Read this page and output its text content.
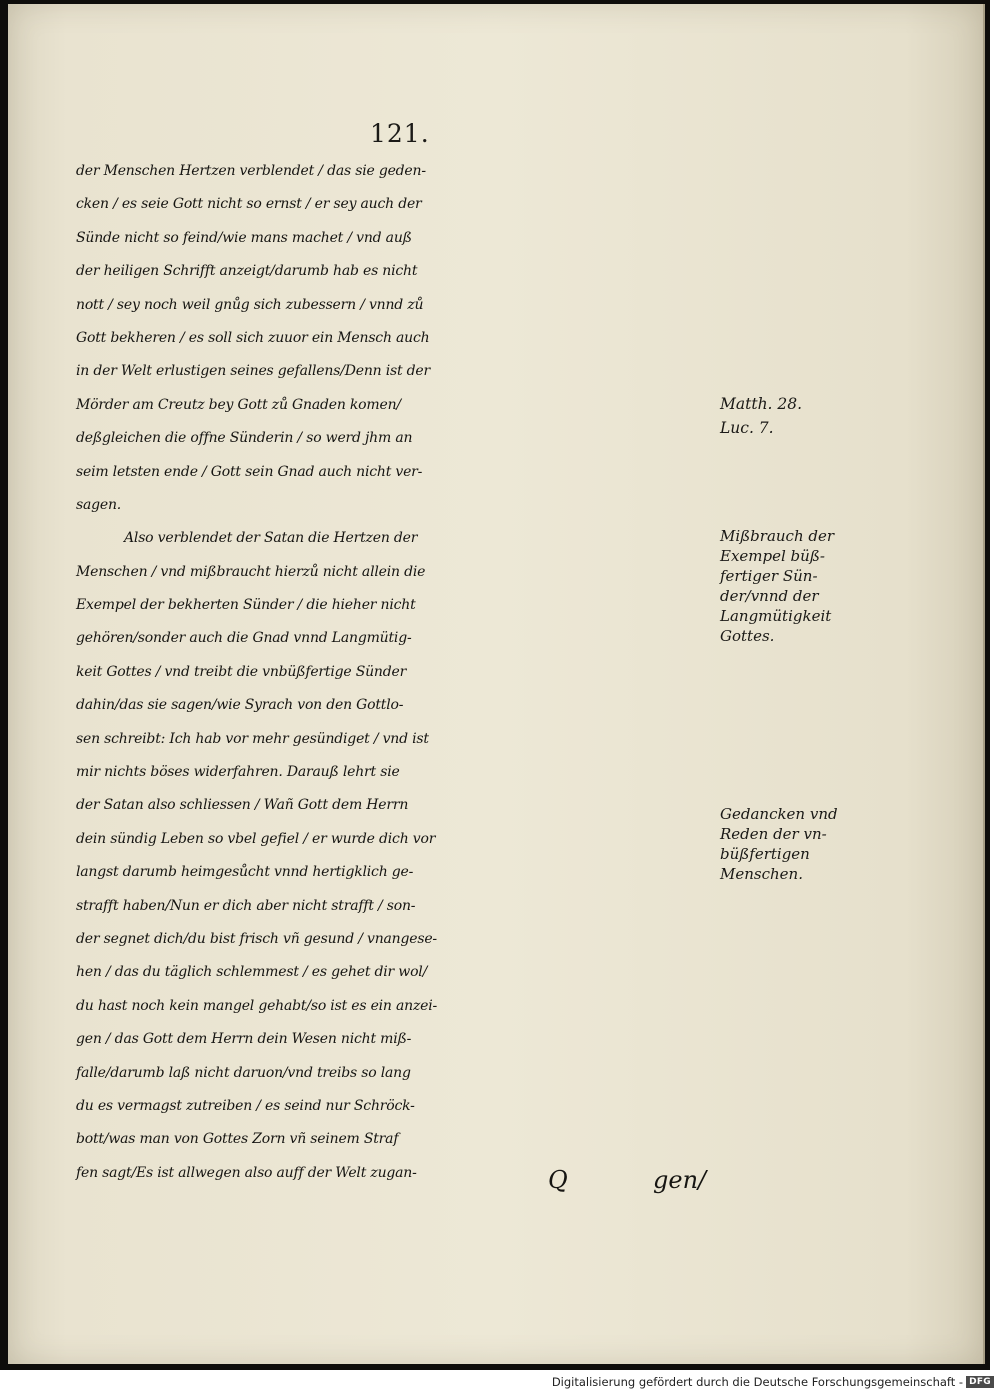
121.
der Menschen Hertzen verblendet / das sie geden-
cken / es seie Gott nicht so ernst / er sey auch der
Sünde nicht so feind/wie mans machet / vnd auß
der heiligen Schrifft anzeigt/darumb hab es nicht
nott / sey noch weil gnůg sich zubessern / vnnd zů
Gott bekheren / es soll sich zuuor ein Mensch auch
in der Welt erlustigen seines gefallens/Denn ist der
Mörder am Creutz bey Gott zů Gnaden komen/
deßgleichen die offne Sünderin / so werd jhm an
seim letsten ende / Gott sein Gnad auch nicht ver-
sagen.
Also verblendet der Satan die Hertzen der
Menschen / vnd mißbraucht hierzů nicht allein die
Exempel der bekherten Sünder / die hieher nicht
gehören/sonder auch die Gnad vnnd Langmütig-
keit Gottes / vnd treibt die vnbüßfertige Sünder
dahin/das sie sagen/wie Syrach von den Gottlo-
sen schreibt: Ich hab vor mehr gesündiget / vnd ist
mir nichts böses widerfahren. Darauß lehrt sie
der Satan also schliessen / Wañ Gott dem Herrn
dein sündig Leben so vbel gefiel / er wurde dich vor
langst darumb heimgesůcht vnnd hertigklich ge-
strafft haben/Nun er dich aber nicht strafft / son-
der segnet dich/du bist frisch vñ gesund / vnangese-
hen / das du täglich schlemmest / es gehet dir wol/
du hast noch kein mangel gehabt/so ist es ein anzei-
gen / das Gott dem Herrn dein Wesen nicht miß-
falle/darumb laß nicht daruon/vnd treibs so lang
du es vermagst zutreiben / es seind nur Schröck-
bott/was man von Gottes Zorn vñ seinem Straf
fen sagt/Es ist allwegen also auff der Welt zugan-
Matth. 28.
Luc. 7.
Mißbrauch der
Exempel büß-
fertiger Sün-
der/vnnd der
Langmütigkeit
Gottes.
Gedancken vnd
Reden der vn-
büßfertigen
Menschen.
Q	gen/
Digitalisierung gefördert durch die Deutsche Forschungsgemeinschaft - DFG
